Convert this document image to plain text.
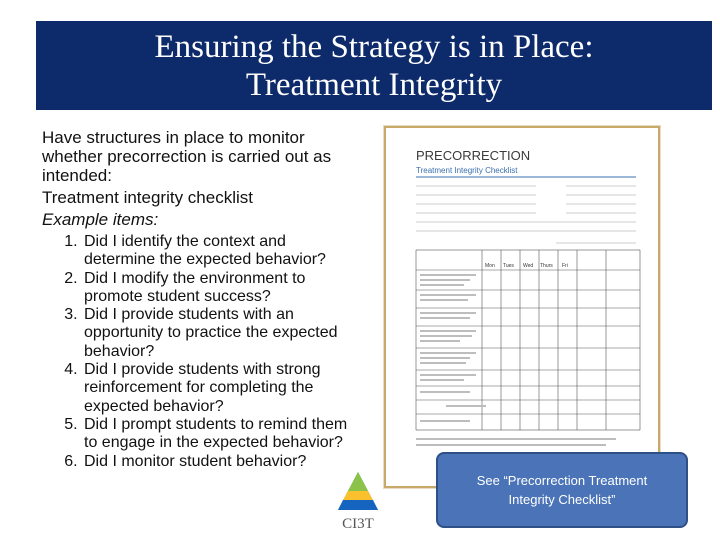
Ensuring the Strategy is in Place:
Treatment Integrity

Have structures in place to monitor whether precorrection is carried out as intended:

Treatment integrity checklist

Example items:

1. Did I identify the context and determine the expected behavior?
2. Did I modify the environment to promote student success?
3. Did I provide students with an opportunity to practice the expected behavior?
4. Did I provide students with strong reinforcement for completing the expected behavior?
5. Did I prompt students to remind them to engage in the expected behavior?
6. Did I monitor student behavior?
PRECORRECTION
Treatment Integrity Checklist
Mon Tues Wed Thurs Fri
CI3T
See “Precorrection Treatment Integrity Checklist”
